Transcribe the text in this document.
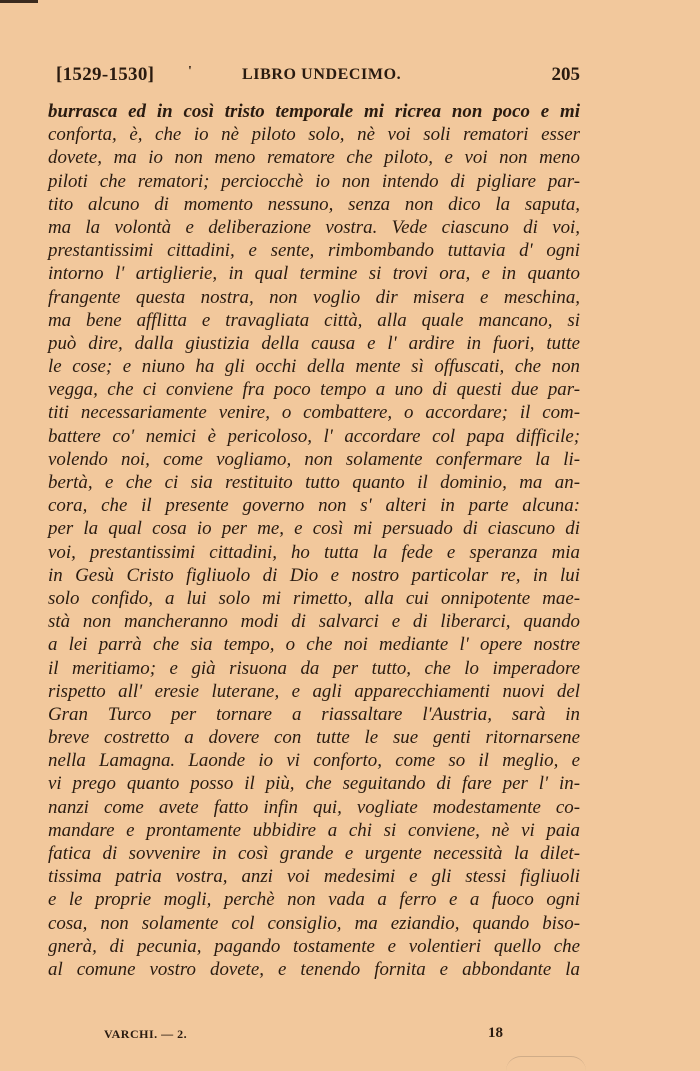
[1529-1530] '	LIBRO UNDECIMO.	205
burrasca ed in così tristo temporale mi ricrea non poco e mi
conforta, è, che io nè piloto solo, nè voi soli rematori esser
dovete, ma io non meno rematore che piloto, e voi non meno
piloti che rematori; perciocchè io non intendo di pigliare par-
tito alcuno di momento nessuno, senza non dico la saputa,
ma la volontà e deliberazione vostra. Vede ciascuno di voi,
prestantissimi cittadini, e sente, rimbombando tuttavia d' ogni
intorno l' artiglierie, in qual termine si trovi ora, e in quanto
frangente questa nostra, non voglio dir misera e meschina,
ma bene afflitta e travagliata città, alla quale mancano, si
può dire, dalla giustizia della causa e l' ardire in fuori, tutte
le cose; e niuno ha gli occhi della mente sì offuscati, che non
vegga, che ci conviene fra poco tempo a uno di questi due par-
titi necessariamente venire, o combattere, o accordare; il com-
battere co' nemici è pericoloso, l' accordare col papa difficile;
volendo noi, come vogliamo, non solamente confermare la li-
bertà, e che ci sia restituito tutto quanto il dominio, ma an-
cora, che il presente governo non s' alteri in parte alcuna:
per la qual cosa io per me, e così mi persuado di ciascuno di
voi, prestantissimi cittadini, ho tutta la fede e speranza mia
in Gesù Cristo figliuolo di Dio e nostro particolar re, in lui
solo confido, a lui solo mi rimetto, alla cui onnipotente mae-
stà non mancheranno modi di salvarci e di liberarci, quando
a lei parrà che sia tempo, o che noi mediante l' opere nostre
il meritiamo; e già risuona da per tutto, che lo imperadore
rispetto all' eresie luterane, e agli apparecchiamenti nuovi del
Gran Turco per tornare a riassaltare l'Austria, sarà in
breve costretto a dovere con tutte le sue genti ritornarsene
nella Lamagna. Laonde io vi conforto, come so il meglio, e
vi prego quanto posso il più, che seguitando di fare per l' in-
nanzi come avete fatto infin qui, vogliate modestamente co-
mandare e prontamente ubbidire a chi si conviene, nè vi paia
fatica di sovvenire in così grande e urgente necessità la dilet-
tissima patria vostra, anzi voi medesimi e gli stessi figliuoli
e le proprie mogli, perchè non vada a ferro e a fuoco ogni
cosa, non solamente col consiglio, ma eziandio, quando biso-
gnerà, di pecunia, pagando tostamente e volentieri quello che
al comune vostro dovete, e tenendo fornita e abbondante la
VARCHI. — 2.	18
